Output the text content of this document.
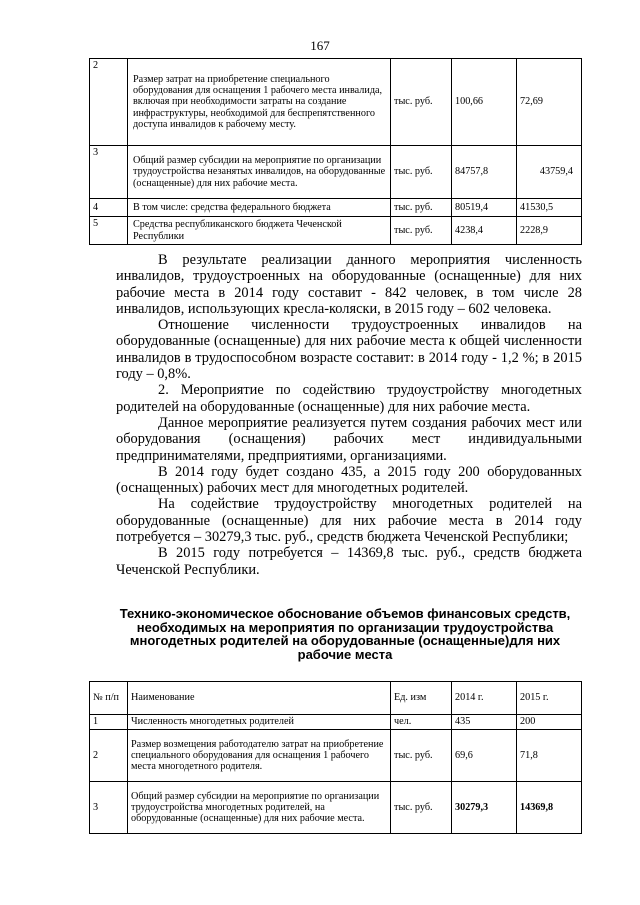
167
2	Размер затрат на приобретение специального оборудования для оснащения 1 рабочего места инвалида, включая при необходимости затраты на создание инфраструктуры, необходимой для беспрепятственного доступа инвалидов к рабочему месту.	тыс. руб.	100,66	72,69
3	Общий размер субсидии на мероприятие по организации трудоустройства незанятых инвалидов, на оборудованные (оснащенные) для них рабочие места.	тыс. руб.	84757,8	43759,4
4	В том числе: средства федерального бюджета	тыс. руб.	80519,4	41530,5
5	Средства республиканского бюджета Чеченской Республики	тыс. руб.	4238,4	2228,9

В результате реализации данного мероприятия численность инвалидов, трудоустроенных на оборудованные (оснащенные) для них рабочие места в 2014 году составит - 842 человек, в том числе 28 инвалидов, использующих кресла-коляски, в 2015 году – 602 человека.

Отношение численности трудоустроенных инвалидов на оборудованные (оснащенные) для них рабочие места к общей численности инвалидов в трудоспособном возрасте составит: в 2014 году - 1,2 %; в 2015 году – 0,8%.

2. Мероприятие по содействию трудоустройству многодетных родителей на оборудованные (оснащенные) для них рабочие места.

Данное мероприятие реализуется путем создания рабочих мест или оборудования (оснащения) рабочих мест индивидуальными предпринимателями, предприятиями, организациями.

В 2014 году будет создано 435, а 2015 году 200 оборудованных (оснащенных) рабочих мест для многодетных родителей.

На содействие трудоустройству многодетных родителей на оборудованные (оснащенные) для них рабочие места в 2014 году потребуется – 30279,3 тыс. руб., средств бюджета Чеченской Республики;

В 2015 году потребуется – 14369,8 тыс. руб., средств бюджета Чеченской Республики.

Технико-экономическое обоснование объемов финансовых средств, необходимых на мероприятия по организации трудоустройства многодетных родителей на оборудованные (оснащенные)для них рабочие места
№ п/п	Наименование	Ед. изм	2014 г.	2015 г.
1	Численность многодетных родителей	чел.	435	200
2	Размер возмещения работодателю затрат на приобретение специального оборудования для оснащения 1 рабочего места многодетного родителя.	тыс. руб.	69,6	71,8
3	Общий размер субсидии на мероприятие по организации трудоустройства многодетных родителей, на оборудованные (оснащенные) для них рабочие места.	тыс. руб.	30279,3	14369,8
